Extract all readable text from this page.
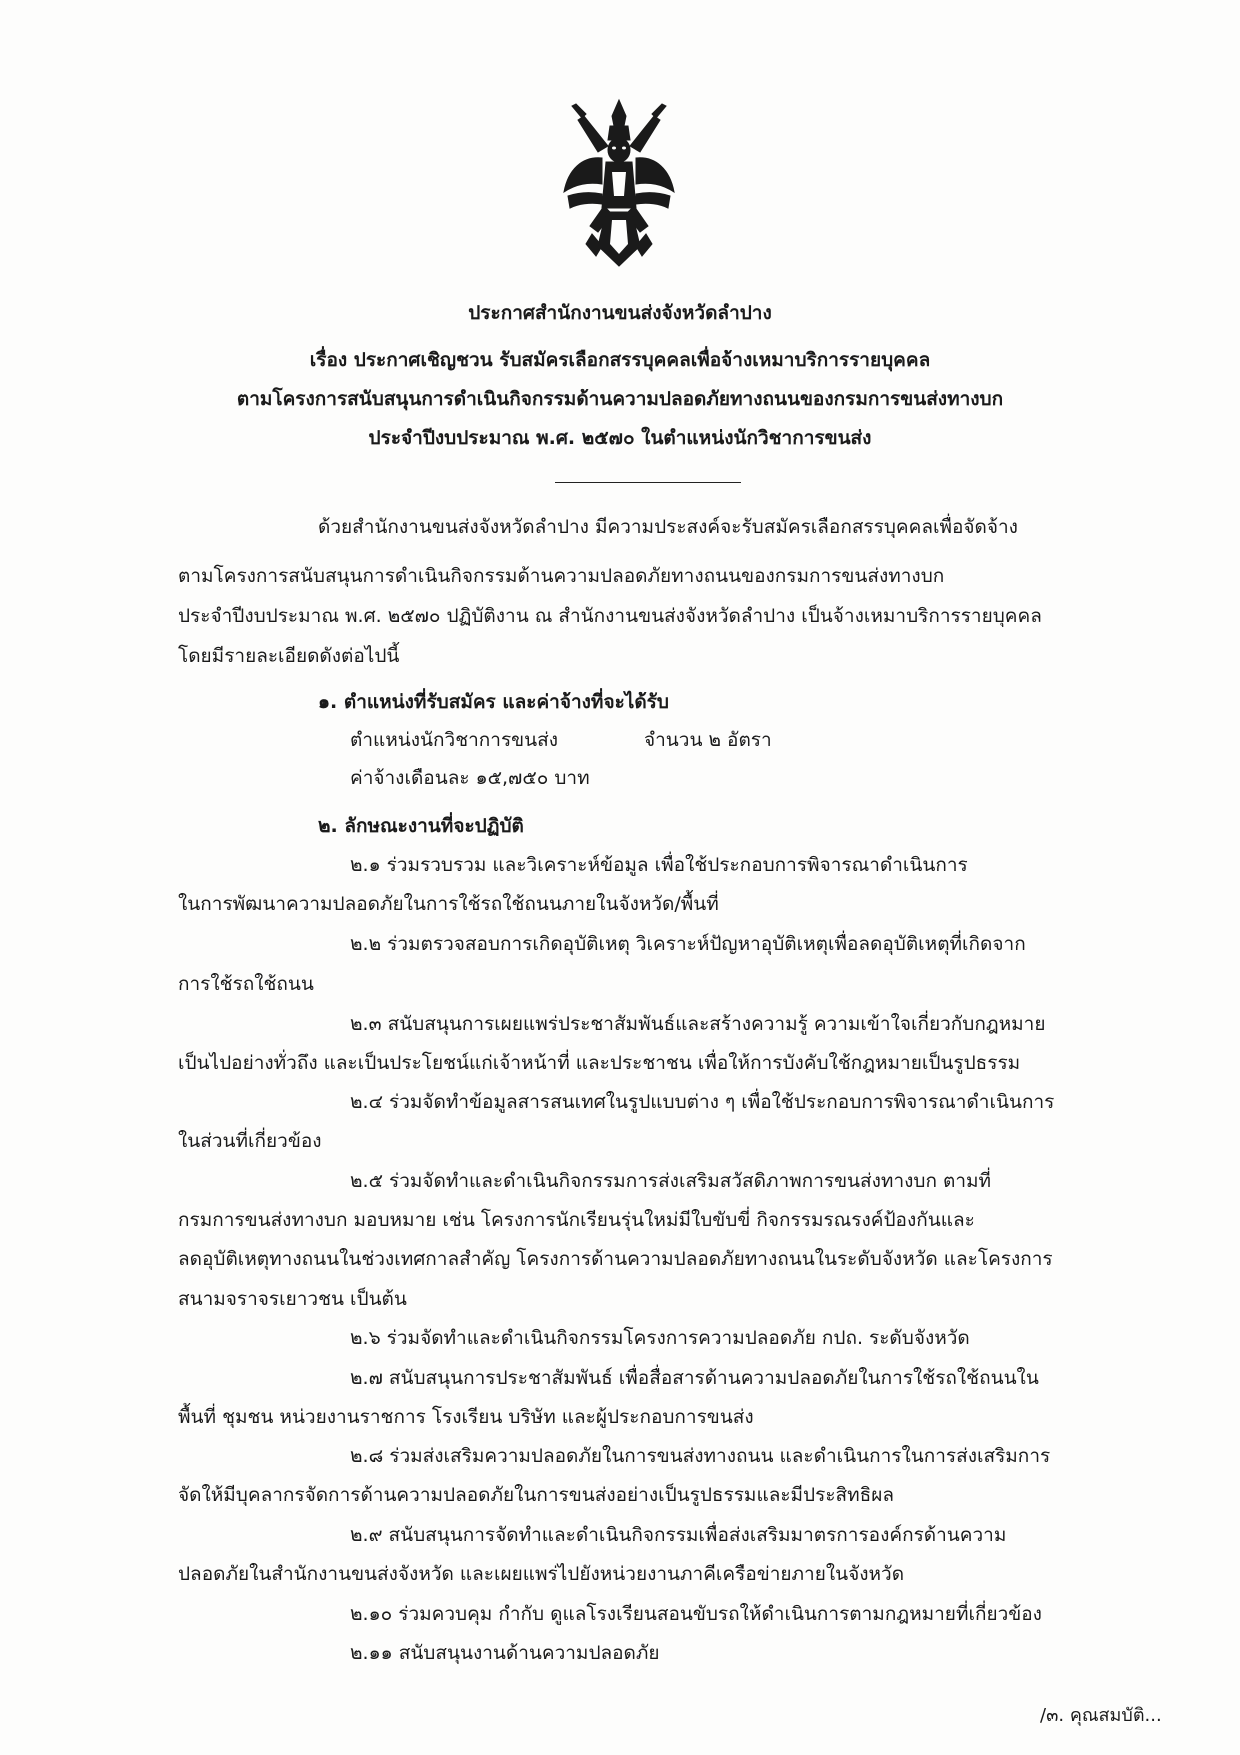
ประกาศสำนักงานขนส่งจังหวัดลำปาง
เรื่อง ประกาศเชิญชวน รับสมัครเลือกสรรบุคคลเพื่อจ้างเหมาบริการรายบุคคล
ตามโครงการสนับสนุนการดำเนินกิจกรรมด้านความปลอดภัยทางถนนของกรมการขนส่งทางบก
ประจำปีงบประมาณ พ.ศ. ๒๕๗๐ ในตำแหน่งนักวิชาการขนส่ง
ด้วยสำนักงานขนส่งจังหวัดลำปาง มีความประสงค์จะรับสมัครเลือกสรรบุคคลเพื่อจัดจ้าง
ตามโครงการสนับสนุนการดำเนินกิจกรรมด้านความปลอดภัยทางถนนของกรมการขนส่งทางบก
ประจำปีงบประมาณ พ.ศ. ๒๕๗๐ ปฏิบัติงาน ณ สำนักงานขนส่งจังหวัดลำปาง เป็นจ้างเหมาบริการรายบุคคล
โดยมีรายละเอียดดังต่อไปนี้
๑. ตำแหน่งที่รับสมัคร และค่าจ้างที่จะได้รับ
ตำแหน่งนักวิชาการขนส่ง	จำนวน ๒ อัตรา
ค่าจ้างเดือนละ ๑๕,๗๕๐ บาท
๒. ลักษณะงานที่จะปฏิบัติ
๒.๑ ร่วมรวบรวม และวิเคราะห์ข้อมูล เพื่อใช้ประกอบการพิจารณาดำเนินการ
ในการพัฒนาความปลอดภัยในการใช้รถใช้ถนนภายในจังหวัด/พื้นที่
๒.๒ ร่วมตรวจสอบการเกิดอุบัติเหตุ วิเคราะห์ปัญหาอุบัติเหตุเพื่อลดอุบัติเหตุที่เกิดจาก
การใช้รถใช้ถนน
๒.๓ สนับสนุนการเผยแพร่ประชาสัมพันธ์และสร้างความรู้ ความเข้าใจเกี่ยวกับกฎหมาย
เป็นไปอย่างทั่วถึง และเป็นประโยชน์แก่เจ้าหน้าที่ และประชาชน เพื่อให้การบังคับใช้กฎหมายเป็นรูปธรรม
๒.๔ ร่วมจัดทำข้อมูลสารสนเทศในรูปแบบต่าง ๆ เพื่อใช้ประกอบการพิจารณาดำเนินการ
ในส่วนที่เกี่ยวข้อง
๒.๕ ร่วมจัดทำและดำเนินกิจกรรมการส่งเสริมสวัสดิภาพการขนส่งทางบก ตามที่
กรมการขนส่งทางบก มอบหมาย เช่น โครงการนักเรียนรุ่นใหม่มีใบขับขี่ กิจกรรมรณรงค์ป้องกันและ
ลดอุบัติเหตุทางถนนในช่วงเทศกาลสำคัญ โครงการด้านความปลอดภัยทางถนนในระดับจังหวัด และโครงการ
สนามจราจรเยาวชน เป็นต้น
๒.๖ ร่วมจัดทำและดำเนินกิจกรรมโครงการความปลอดภัย กปถ. ระดับจังหวัด
๒.๗ สนับสนุนการประชาสัมพันธ์ เพื่อสื่อสารด้านความปลอดภัยในการใช้รถใช้ถนนใน
พื้นที่ ชุมชน หน่วยงานราชการ โรงเรียน บริษัท และผู้ประกอบการขนส่ง
๒.๘ ร่วมส่งเสริมความปลอดภัยในการขนส่งทางถนน และดำเนินการในการส่งเสริมการ
จัดให้มีบุคลากรจัดการด้านความปลอดภัยในการขนส่งอย่างเป็นรูปธรรมและมีประสิทธิผล
๒.๙ สนับสนุนการจัดทำและดำเนินกิจกรรมเพื่อส่งเสริมมาตรการองค์กรด้านความ
ปลอดภัยในสำนักงานขนส่งจังหวัด และเผยแพร่ไปยังหน่วยงานภาคีเครือข่ายภายในจังหวัด
๒.๑๐ ร่วมควบคุม กำกับ ดูแลโรงเรียนสอนขับรถให้ดำเนินการตามกฎหมายที่เกี่ยวข้อง
๒.๑๑ สนับสนุนงานด้านความปลอดภัย
/๓. คุณสมบัติ...
